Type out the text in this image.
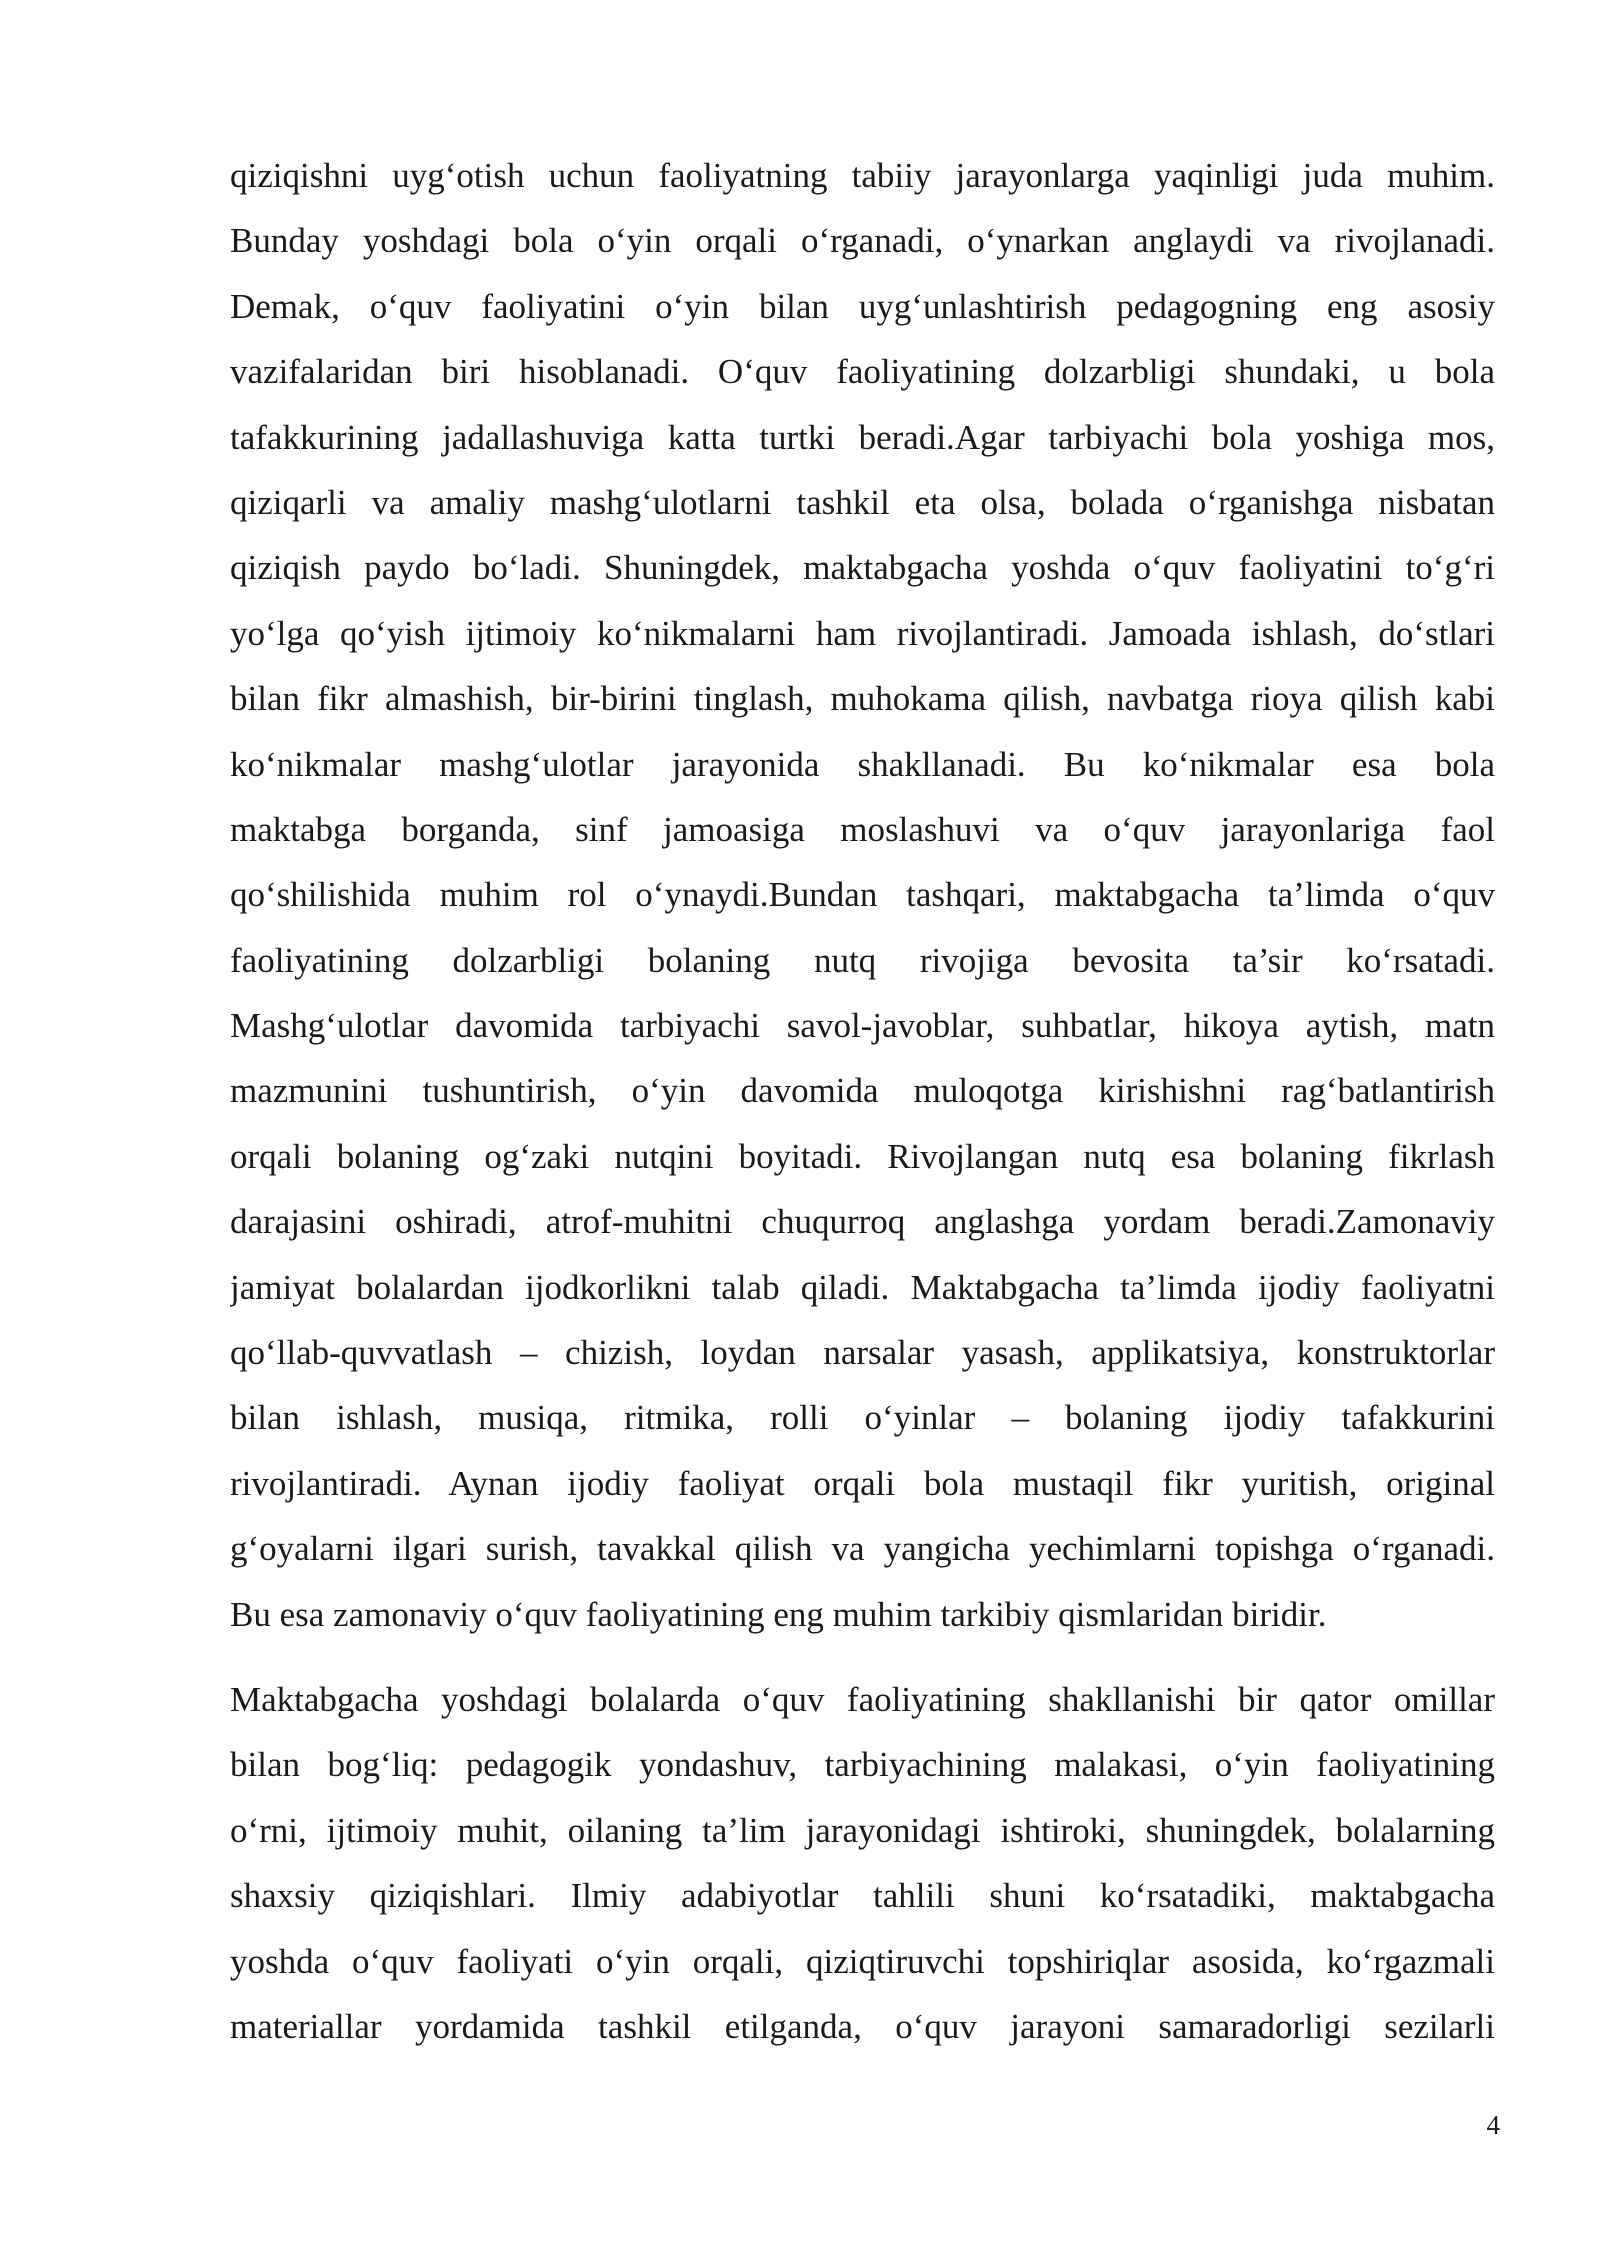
qiziqishni uyg‘otish uchun faoliyatning tabiiy jarayonlarga yaqinligi juda muhim.
Bunday yoshdagi bola o‘yin orqali o‘rganadi, o‘ynarkan anglaydi va rivojlanadi.
Demak, o‘quv faoliyatini o‘yin bilan uyg‘unlashtirish pedagogning eng asosiy
vazifalaridan biri hisoblanadi. O‘quv faoliyatining dolzarbligi shundaki, u bola
tafakkurining jadallashuviga katta turtki beradi.Agar tarbiyachi bola yoshiga mos,
qiziqarli va amaliy mashg‘ulotlarni tashkil eta olsa, bolada o‘rganishga nisbatan
qiziqish paydo bo‘ladi. Shuningdek, maktabgacha yoshda o‘quv faoliyatini to‘g‘ri
yo‘lga qo‘yish ijtimoiy ko‘nikmalarni ham rivojlantiradi. Jamoada ishlash, do‘stlari
bilan fikr almashish, bir-birini tinglash, muhokama qilish, navbatga rioya qilish kabi
ko‘nikmalar mashg‘ulotlar jarayonida shakllanadi. Bu ko‘nikmalar esa bola
maktabga borganda, sinf jamoasiga moslashuvi va o‘quv jarayonlariga faol
qo‘shilishida muhim rol o‘ynaydi.Bundan tashqari, maktabgacha ta’limda o‘quv
faoliyatining dolzarbligi bolaning nutq rivojiga bevosita ta’sir ko‘rsatadi.
Mashg‘ulotlar davomida tarbiyachi savol-javoblar, suhbatlar, hikoya aytish, matn
mazmunini tushuntirish, o‘yin davomida muloqotga kirishishni rag‘batlantirish
orqali bolaning og‘zaki nutqini boyitadi. Rivojlangan nutq esa bolaning fikrlash
darajasini oshiradi, atrof-muhitni chuqurroq anglashga yordam beradi.Zamonaviy
jamiyat bolalardan ijodkorlikni talab qiladi. Maktabgacha ta’limda ijodiy faoliyatni
qo‘llab-quvvatlash – chizish, loydan narsalar yasash, applikatsiya, konstruktorlar
bilan ishlash, musiqa, ritmika, rolli o‘yinlar – bolaning ijodiy tafakkurini
rivojlantiradi. Aynan ijodiy faoliyat orqali bola mustaqil fikr yuritish, original
g‘oyalarni ilgari surish, tavakkal qilish va yangicha yechimlarni topishga o‘rganadi.
Bu esa zamonaviy o‘quv faoliyatining eng muhim tarkibiy qismlaridan biridir.
Maktabgacha yoshdagi bolalarda o‘quv faoliyatining shakllanishi bir qator omillar
bilan bog‘liq: pedagogik yondashuv, tarbiyachining malakasi, o‘yin faoliyatining
o‘rni, ijtimoiy muhit, oilaning ta’lim jarayonidagi ishtiroki, shuningdek, bolalarning
shaxsiy qiziqishlari. Ilmiy adabiyotlar tahlili shuni ko‘rsatadiki, maktabgacha
yoshda o‘quv faoliyati o‘yin orqali, qiziqtiruvchi topshiriqlar asosida, ko‘rgazmali
materiallar yordamida tashkil etilganda, o‘quv jarayoni samaradorligi sezilarli
4
